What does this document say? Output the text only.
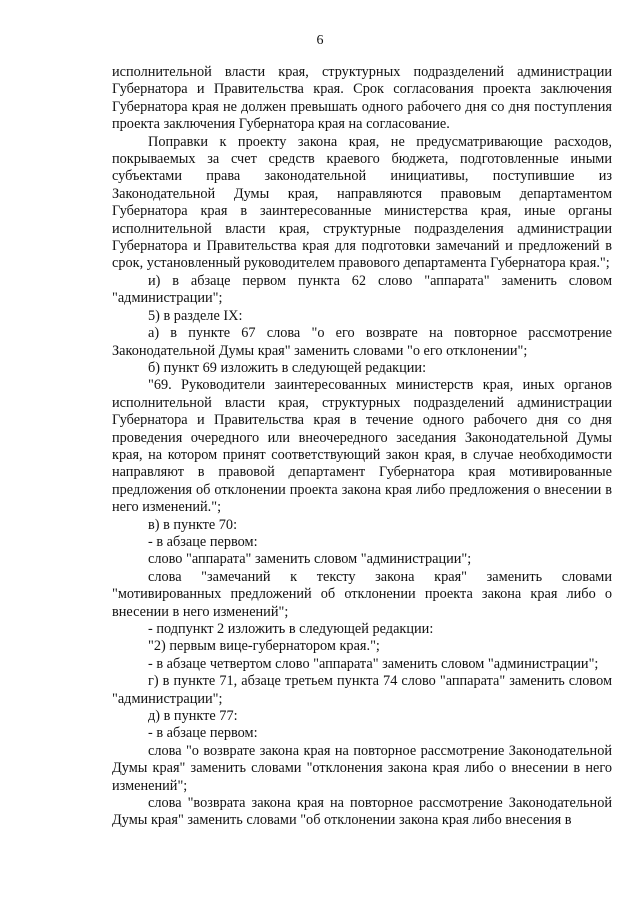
6

исполнительной власти края, структурных подразделений администрации Губернатора и Правительства края. Срок согласования проекта заключения Губернатора края не должен превышать одного рабочего дня со дня поступления проекта заключения Губернатора края на согласование.

Поправки к проекту закона края, не предусматривающие расходов, покрываемых за счет средств краевого бюджета, подготовленные иными субъектами права законодательной инициативы, поступившие из Законодательной Думы края, направляются правовым департаментом Губернатора края в заинтересованные министерства края, иные органы исполнительной власти края, структурные подразделения администрации Губернатора и Правительства края для подготовки замечаний и предложений в срок, установленный руководителем правового департамента Губернатора края.";

и) в абзаце первом пункта 62 слово "аппарата" заменить словом "администрации";

5) в разделе IX:

а) в пункте 67 слова "о его возврате на повторное рассмотрение Законодательной Думы края" заменить словами "о его отклонении";

б) пункт 69 изложить в следующей редакции:

"69. Руководители заинтересованных министерств края, иных органов исполнительной власти края, структурных подразделений администрации Губернатора и Правительства края в течение одного рабочего дня со дня проведения очередного или внеочередного заседания Законодательной Думы края, на котором принят соответствующий закон края, в случае необходимости направляют в правовой департамент Губернатора края мотивированные предложения об отклонении проекта закона края либо предложения о внесении в него изменений.";

в) в пункте 70:

- в абзаце первом:

слово "аппарата" заменить словом "администрации";

слова "замечаний к тексту закона края" заменить словами "мотивированных предложений об отклонении проекта закона края либо о внесении в него изменений";

- подпункт 2 изложить в следующей редакции:

"2) первым вице-губернатором края.";

- в абзаце четвертом слово "аппарата" заменить словом "администрации";

г) в пункте 71, абзаце третьем пункта 74 слово "аппарата" заменить словом "администрации";

д) в пункте 77:

- в абзаце первом:

слова "о возврате закона края на повторное рассмотрение Законодательной Думы края" заменить словами "отклонения закона края либо о внесении в него изменений";

слова "возврата закона края на повторное рассмотрение Законодательной Думы края" заменить словами "об отклонении закона края либо внесения в
